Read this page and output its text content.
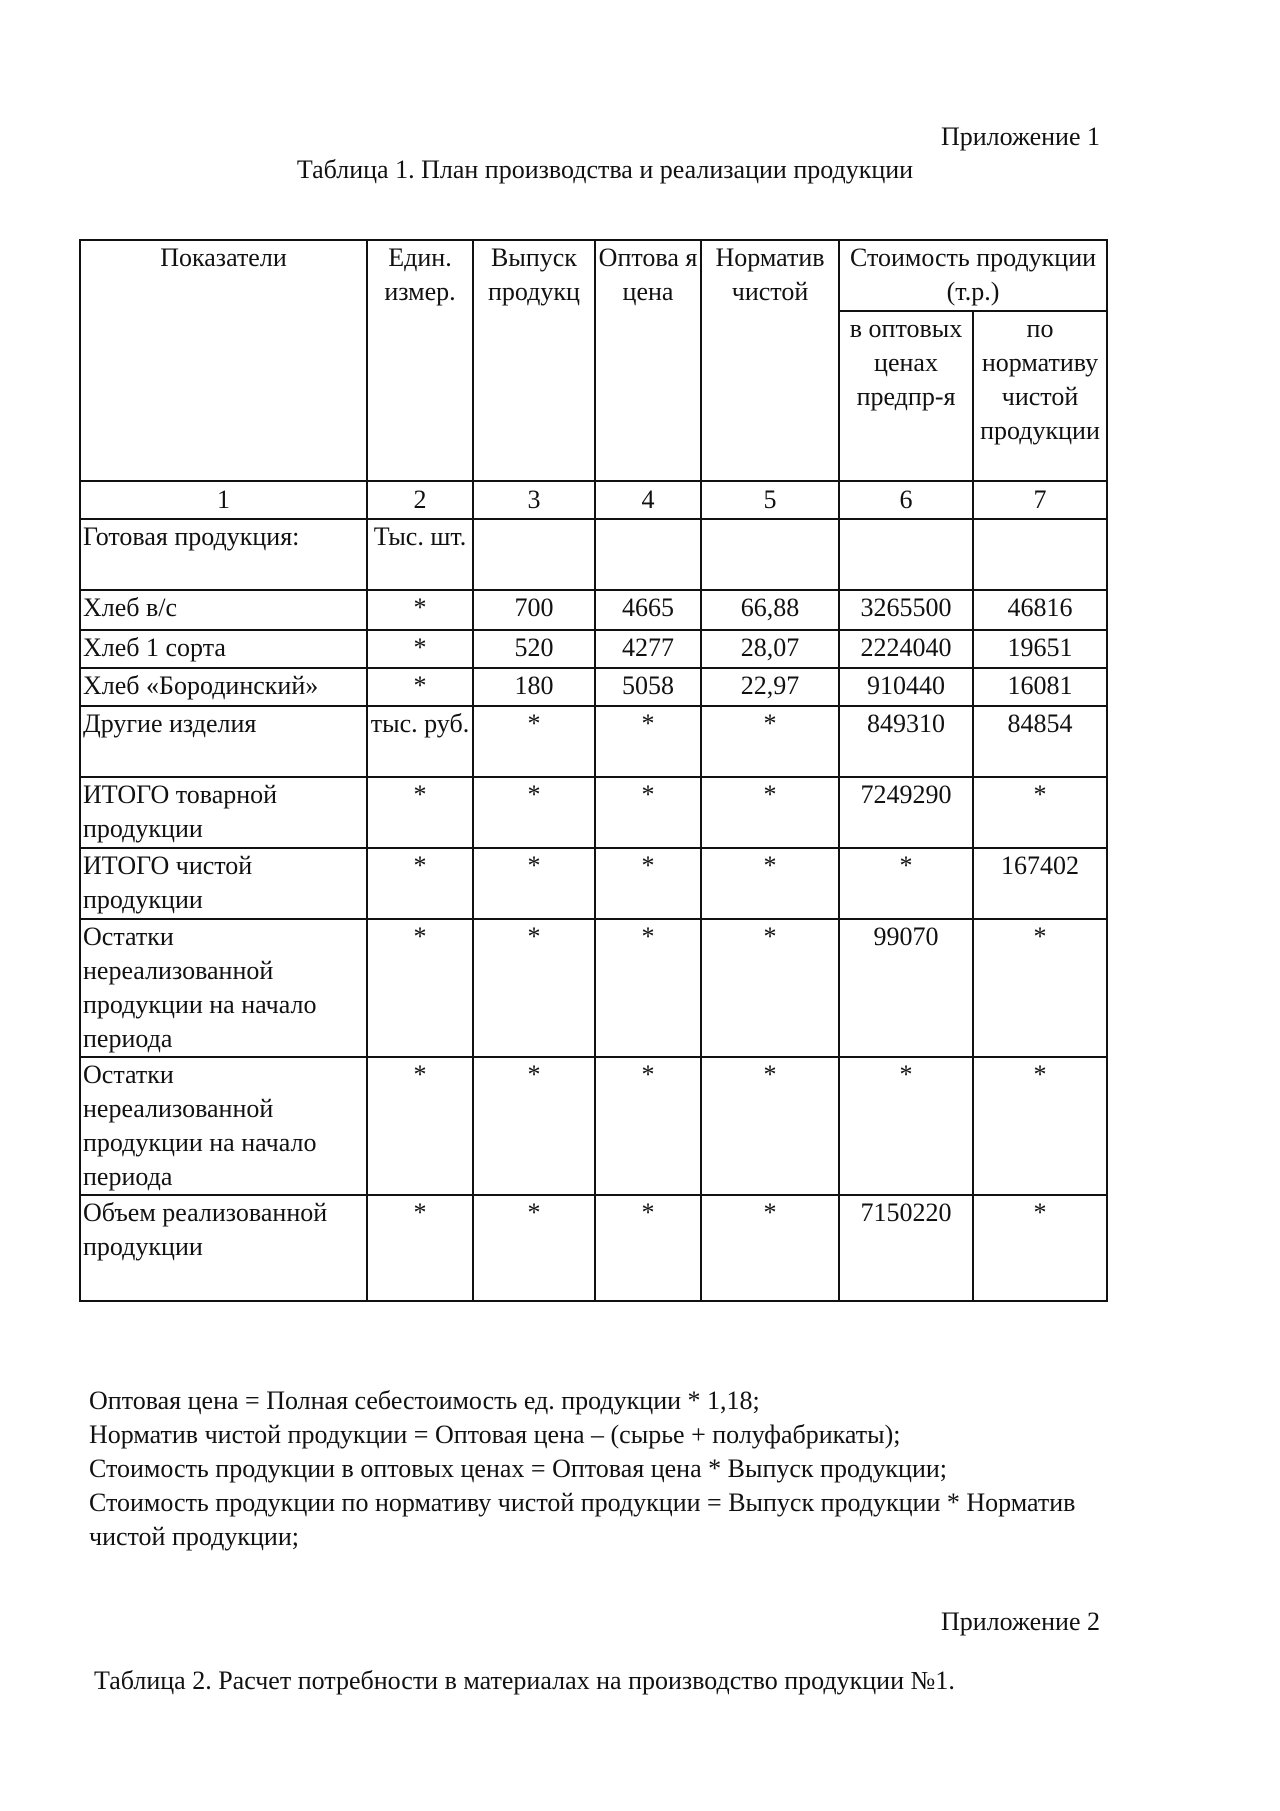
Приложение 1
Таблица 1. План производства и реализации продукции
Показатели	Един. измер.	Выпуск продукц	Оптова я цена	Норматив чистой	Стоимость продукции (т.р.)	
					в оптовых ценах предпр-я	по нормативу чистой продукции
1	2	3	4	5	6	7
Готовая продукция:	Тыс. шт.					
Хлеб в/с	*	700	4665	66,88	3265500	46816
Хлеб 1 сорта	*	520	4277	28,07	2224040	19651
Хлеб «Бородинский»	*	180	5058	22,97	910440	16081
Другие изделия	тыс. руб.	*	*	*	849310	84854
ИТОГО товарной продукции	*	*	*	*	7249290	*
ИТОГО чистой продукции	*	*	*	*	*	167402
Остатки нереализованной продукции на начало периода	*	*	*	*	99070	*
Остатки нереализованной продукции на начало периода	*	*	*	*	*	*
Объем реализованной продукции	*	*	*	*	7150220	*
Оптовая цена = Полная себестоимость ед. продукции * 1,18;
Норматив чистой продукции = Оптовая цена – (сырье + полуфабрикаты);
Стоимость продукции в оптовых ценах = Оптовая цена * Выпуск продукции;
Стоимость продукции по нормативу чистой продукции = Выпуск продукции * Норматив чистой продукции;
Приложение 2
Таблица 2. Расчет потребности в материалах на производство продукции №1.
